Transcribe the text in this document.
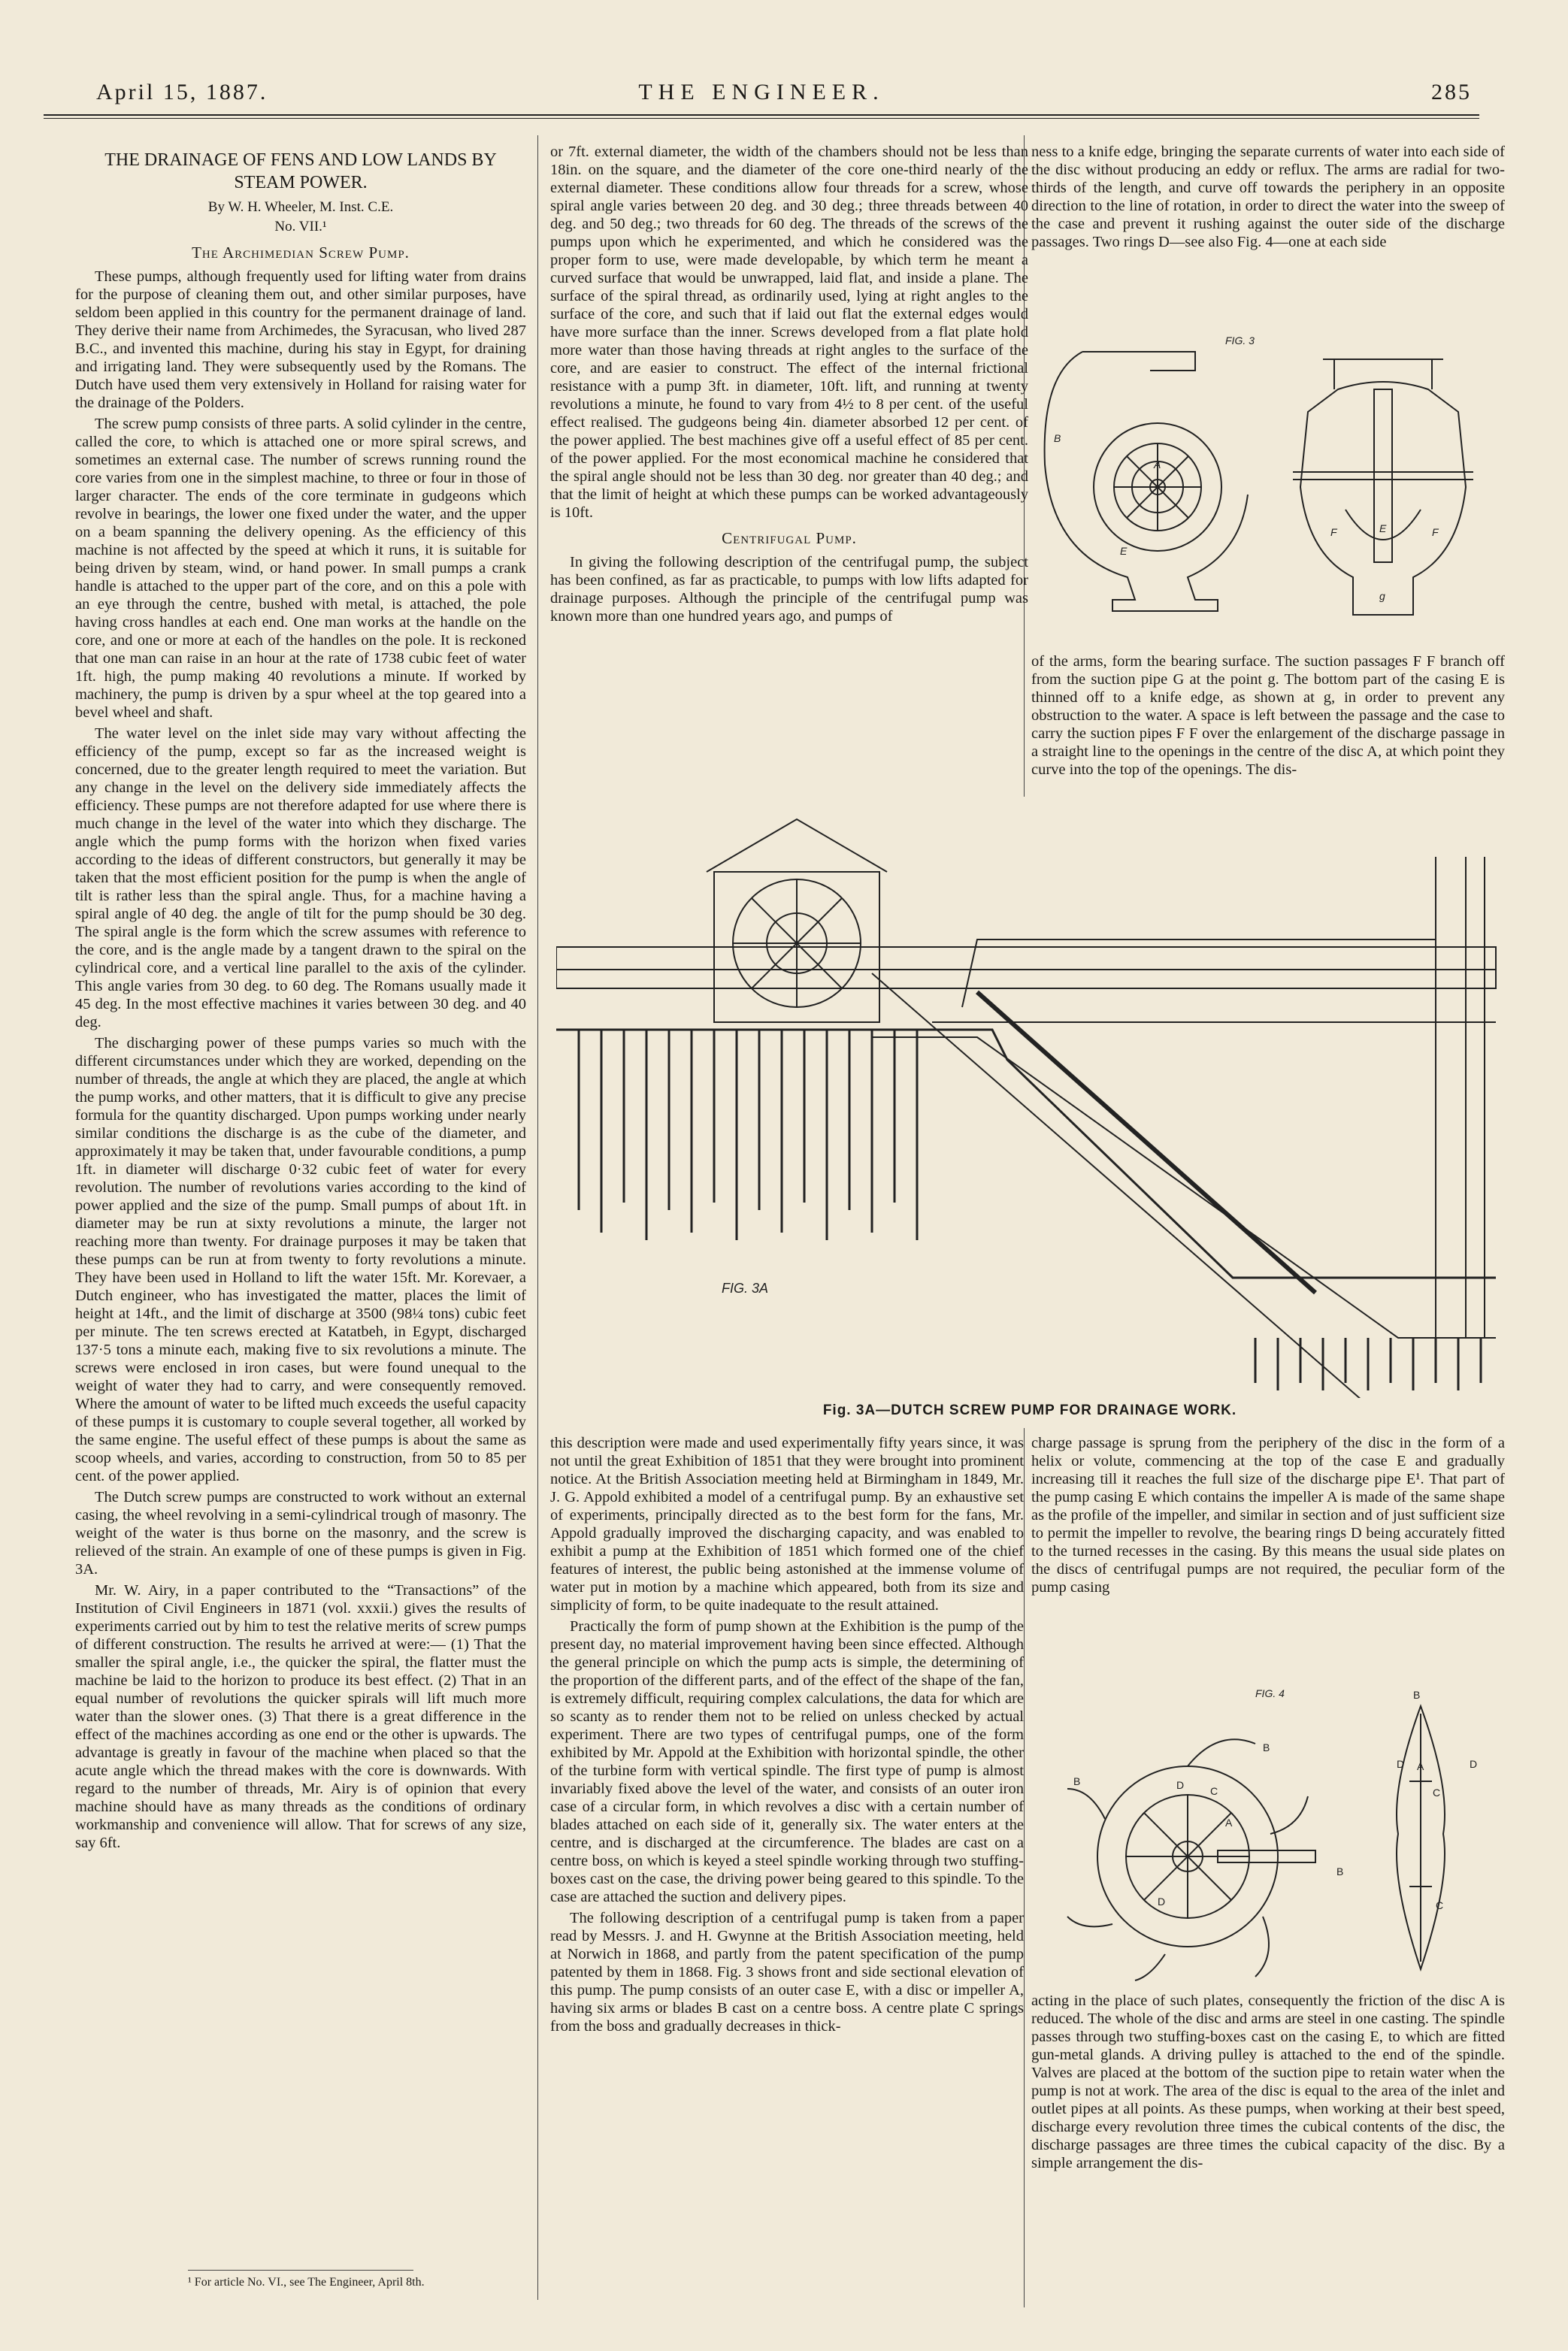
April 15, 1887.	THE ENGINEER.	285
THE DRAINAGE OF FENS AND LOW LANDS BY STEAM POWER.
By W. H. Wheeler, M. Inst. C.E.
No. VII.¹
The Archimedian Screw Pump.

These pumps, although frequently used for lifting water from drains for the purpose of cleaning them out, and other similar purposes, have seldom been applied in this country for the permanent drainage of land. They derive their name from Archimedes, the Syracusan, who lived 287 B.C., and invented this machine, during his stay in Egypt, for draining and irrigating land. They were subsequently used by the Romans. The Dutch have used them very extensively in Holland for raising water for the drainage of the Polders.

The screw pump consists of three parts. A solid cylinder in the centre, called the core, to which is attached one or more spiral screws, and sometimes an external case. The number of screws running round the core varies from one in the simplest machine, to three or four in those of larger character. The ends of the core terminate in gudgeons which revolve in bearings, the lower one fixed under the water, and the upper on a beam spanning the delivery opening. As the efficiency of this machine is not affected by the speed at which it runs, it is suitable for being driven by steam, wind, or hand power. In small pumps a crank handle is attached to the upper part of the core, and on this a pole with an eye through the centre, bushed with metal, is attached, the pole having cross handles at each end. One man works at the handle on the core, and one or more at each of the handles on the pole. It is reckoned that one man can raise in an hour at the rate of 1738 cubic feet of water 1ft. high, the pump making 40 revolutions a minute. If worked by machinery, the pump is driven by a spur wheel at the top geared into a bevel wheel and shaft.

The water level on the inlet side may vary without affecting the efficiency of the pump, except so far as the increased weight is concerned, due to the greater length required to meet the variation. But any change in the level on the delivery side immediately affects the efficiency. These pumps are not therefore adapted for use where there is much change in the level of the water into which they discharge. The angle which the pump forms with the horizon when fixed varies according to the ideas of different constructors, but generally it may be taken that the most efficient position for the pump is when the angle of tilt is rather less than the spiral angle. Thus, for a machine having a spiral angle of 40 deg. the angle of tilt for the pump should be 30 deg. The spiral angle is the form which the screw assumes with reference to the core, and is the angle made by a tangent drawn to the spiral on the cylindrical core, and a vertical line parallel to the axis of the cylinder. This angle varies from 30 deg. to 60 deg. The Romans usually made it 45 deg. In the most effective machines it varies between 30 deg. and 40 deg.

The discharging power of these pumps varies so much with the different circumstances under which they are worked, depending on the number of threads, the angle at which they are placed, the angle at which the pump works, and other matters, that it is difficult to give any precise formula for the quantity discharged. Upon pumps working under nearly similar conditions the discharge is as the cube of the diameter, and approximately it may be taken that, under favourable conditions, a pump 1ft. in diameter will discharge 0·32 cubic feet of water for every revolution. The number of revolutions varies according to the kind of power applied and the size of the pump. Small pumps of about 1ft. in diameter may be run at sixty revolutions a minute, the larger not reaching more than twenty. For drainage purposes it may be taken that these pumps can be run at from twenty to forty revolutions a minute. They have been used in Holland to lift the water 15ft. Mr. Korevaer, a Dutch engineer, who has investigated the matter, places the limit of height at 14ft., and the limit of discharge at 3500 (98¼ tons) cubic feet per minute. The ten screws erected at Katatbeh, in Egypt, discharged 137·5 tons a minute each, making five to six revolutions a minute. The screws were enclosed in iron cases, but were found unequal to the weight of water they had to carry, and were consequently removed. Where the amount of water to be lifted much exceeds the useful capacity of these pumps it is customary to couple several together, all worked by the same engine. The useful effect of these pumps is about the same as scoop wheels, and varies, according to construction, from 50 to 85 per cent. of the power applied.

The Dutch screw pumps are constructed to work without an external casing, the wheel revolving in a semi-cylindrical trough of masonry. The weight of the water is thus borne on the masonry, and the screw is relieved of the strain. An example of one of these pumps is given in Fig. 3A.

Mr. W. Airy, in a paper contributed to the “Transactions” of the Institution of Civil Engineers in 1871 (vol. xxxii.) gives the results of experiments carried out by him to test the relative merits of screw pumps of different construction. The results he arrived at were:— (1) That the smaller the spiral angle, i.e., the quicker the spiral, the flatter must the machine be laid to the horizon to produce its best effect. (2) That in an equal number of revolutions the quicker spirals will lift much more water than the slower ones. (3) That there is a great difference in the effect of the machines according as one end or the other is upwards. The advantage is greatly in favour of the machine when placed so that the acute angle which the thread makes with the core is downwards. With regard to the number of threads, Mr. Airy is of opinion that every machine should have as many threads as the conditions of ordinary workmanship and convenience will allow. That for screws of any size, say 6ft.

¹ For article No. VI., see The Engineer, April 8th.

or 7ft. external diameter, the width of the chambers should not be less than 18in. on the square, and the diameter of the core one-third nearly of the external diameter. These conditions allow four threads for a screw, whose spiral angle varies between 20 deg. and 30 deg.; three threads between 40 deg. and 50 deg.; two threads for 60 deg. The threads of the screws of the pumps upon which he experimented, and which he considered was the proper form to use, were made developable, by which term he meant a curved surface that would be unwrapped, laid flat, and inside a plane. The surface of the spiral thread, as ordinarily used, lying at right angles to the surface of the core, and such that if laid out flat the external edges would have more surface than the inner. Screws developed from a flat plate hold more water than those having threads at right angles to the surface of the core, and are easier to construct. The effect of the internal frictional resistance with a pump 3ft. in diameter, 10ft. lift, and running at twenty revolutions a minute, he found to vary from 4½ to 8 per cent. of the useful effect realised. The gudgeons being 4in. diameter absorbed 12 per cent. of the power applied. The best machines give off a useful effect of 85 per cent. of the power applied. For the most economical machine he considered that the spiral angle should not be less than 30 deg. nor greater than 40 deg.; and that the limit of height at which these pumps can be worked advantageously is 10ft.

Centrifugal Pump.

In giving the following description of the centrifugal pump, the subject has been confined, as far as practicable, to pumps with low lifts adapted for drainage purposes. Although the principle of the centrifugal pump was known more than one hundred years ago, and pumps of

ness to a knife edge, bringing the separate currents of water into each side of the disc without producing an eddy or reflux. The arms are radial for two-thirds of the length, and curve off towards the periphery in an opposite direction to the line of rotation, in order to direct the water into the sweep of the case and prevent it rushing against the outer side of the discharge passages. Two rings D—see also Fig. 4—one at each side

FIG. 3
B
A
E
F	E	F
g

of the arms, form the bearing surface. The suction passages F F branch off from the suction pipe G at the point g. The bottom part of the casing E is thinned off to a knife edge, as shown at g, in order to prevent any obstruction to the water. A space is left between the passage and the case to carry the suction pipes F F over the enlargement of the discharge passage in a straight line to the openings in the centre of the disc A, at which point they curve into the top of the openings. The dis-

FIG. 3A
Fig. 3A—DUTCH SCREW PUMP FOR DRAINAGE WORK.

this description were made and used experimentally fifty years since, it was not until the great Exhibition of 1851 that they were brought into prominent notice. At the British Association meeting held at Birmingham in 1849, Mr. J. G. Appold exhibited a model of a centrifugal pump. By an exhaustive set of experiments, principally directed as to the best form for the fans, Mr. Appold gradually improved the discharging capacity, and was enabled to exhibit a pump at the Exhibition of 1851 which formed one of the chief features of interest, the public being astonished at the immense volume of water put in motion by a machine which appeared, both from its size and simplicity of form, to be quite inadequate to the result attained.

Practically the form of pump shown at the Exhibition is the pump of the present day, no material improvement having been since effected. Although the general principle on which the pump acts is simple, the determining of the proportion of the different parts, and of the effect of the shape of the fan, is extremely difficult, requiring complex calculations, the data for which are so scanty as to render them not to be relied on unless checked by actual experiment. There are two types of centrifugal pumps, one of the form exhibited by Mr. Appold at the Exhibition with horizontal spindle, the other of the turbine form with vertical spindle. The first type of pump is almost invariably fixed above the level of the water, and consists of an outer iron case of a circular form, in which revolves a disc with a certain number of blades attached on each side of it, generally six. The water enters at the centre, and is discharged at the circumference. The blades are cast on a centre boss, on which is keyed a steel spindle working through two stuffing-boxes cast on the case, the driving power being geared to this spindle. To the case are attached the suction and delivery pipes.

The following description of a centrifugal pump is taken from a paper read by Messrs. J. and H. Gwynne at the British Association meeting, held at Norwich in 1868, and partly from the patent specification of the pump patented by them in 1868. Fig. 3 shows front and side sectional elevation of this pump. The pump consists of an outer case E, with a disc or impeller A, having six arms or blades B cast on a centre boss. A centre plate C springs from the boss and gradually decreases in thick-

charge passage is sprung from the periphery of the disc in the form of a helix or volute, commencing at the top of the case E and gradually increasing till it reaches the full size of the discharge pipe E¹. That part of the pump casing E which contains the impeller A is made of the same shape as the profile of the impeller, and similar in section and of just sufficient size to permit the impeller to revolve, the bearing rings D being accurately fitted to the turned recesses in the casing. By this means the usual side plates on the discs of centrifugal pumps are not required, the peculiar form of the pump casing

FIG. 4	B
B
B	D C
A
D
B
D A	D
C
C

acting in the place of such plates, consequently the friction of the disc A is reduced. The whole of the disc and arms are steel in one casting. The spindle passes through two stuffing-boxes cast on the casing E, to which are fitted gun-metal glands. A driving pulley is attached to the end of the spindle. Valves are placed at the bottom of the suction pipe to retain water when the pump is not at work. The area of the disc is equal to the area of the inlet and outlet pipes at all points. As these pumps, when working at their best speed, discharge every revolution three times the cubical contents of the disc, the discharge passages are three times the cubical capacity of the disc. By a simple arrangement the dis-
